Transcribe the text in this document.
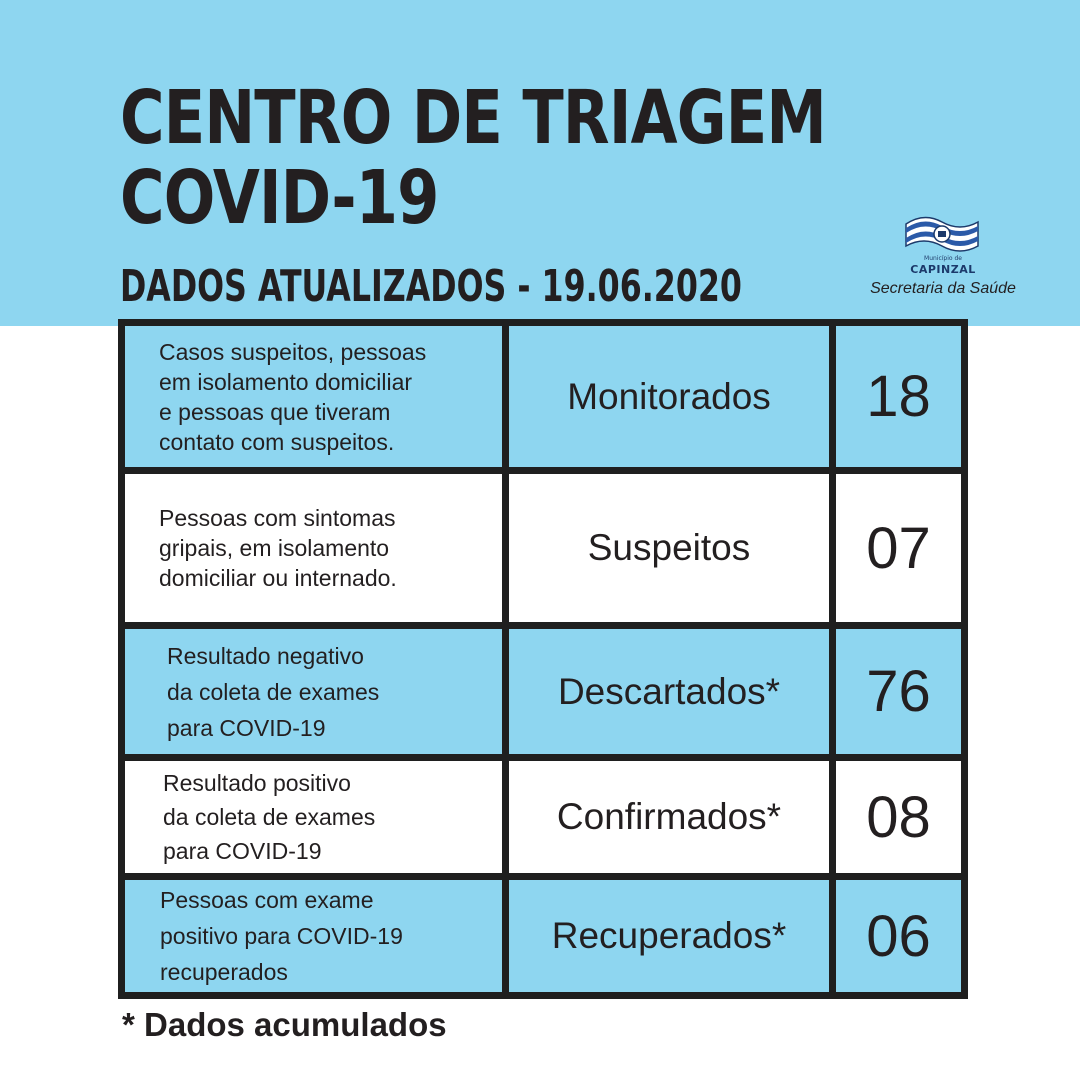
CENTRO DE TRIAGEM
COVID-19
DADOS ATUALIZADOS - 19.06.2020
Município de
CAPINZAL
Secretaria da Saúde
Casos suspeitos, pessoas
em isolamento domiciliar
e pessoas que tiveram
contato com suspeitos.
Monitorados	18
Pessoas com sintomas
gripais, em isolamento
domiciliar ou internado.
Suspeitos	07
Resultado negativo
da coleta de exames
para COVID-19
Descartados*	76
Resultado positivo
da coleta de exames
para COVID-19
Confirmados*	08
Pessoas com exame
positivo para COVID-19
recuperados
Recuperados*	06

* Dados acumulados
